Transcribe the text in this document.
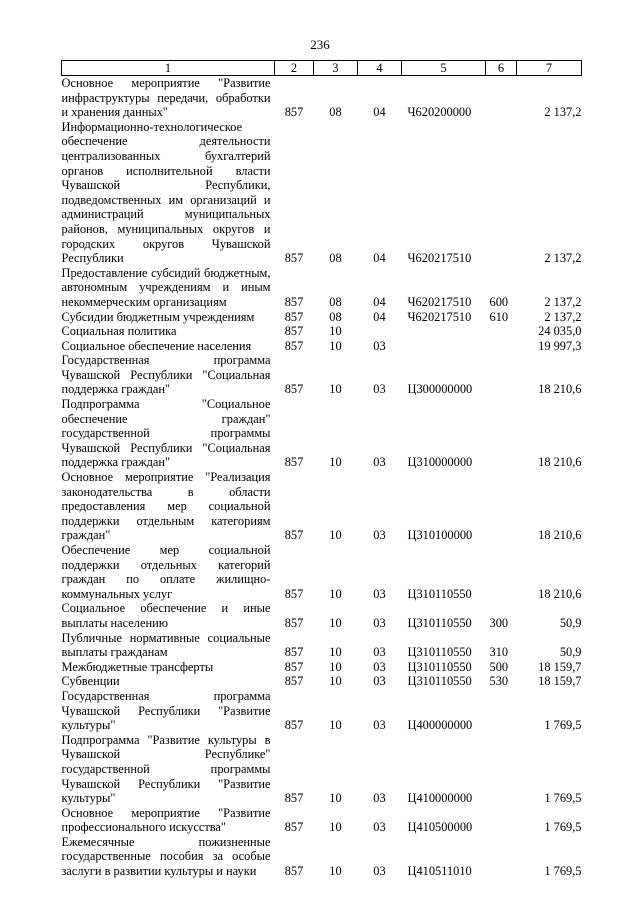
236
1	2	3	4	5	6	7
Основное мероприятие "Развитие инфраструктуры передачи, обработки и хранения данных"	857	08	04	Ч620200000		2 137,2
Информационно-технологическое обеспечение деятельности централизованных бухгалтерий органов исполнительной власти Чувашской Республики, подведомственных им организаций и администраций муниципальных районов, муниципальных округов и городских округов Чувашской Республики	857	08	04	Ч620217510		2 137,2
Предоставление субсидий бюджетным, автономным учреждениям и иным некоммерческим организациям	857	08	04	Ч620217510	600	2 137,2
Субсидии бюджетным учреждениям	857	08	04	Ч620217510	610	2 137,2
Социальная политика	857	10				24 035,0
Социальное обеспечение населения	857	10	03			19 997,3
Государственная программа Чувашской Республики "Социальная поддержка граждан"	857	10	03	Ц300000000		18 210,6
Подпрограмма "Социальное обеспечение граждан" государственной программы Чувашской Республики "Социальная поддержка граждан"	857	10	03	Ц310000000		18 210,6
Основное мероприятие "Реализация законодательства в области предоставления мер социальной поддержки отдельным категориям граждан"	857	10	03	Ц310100000		18 210,6
Обеспечение мер социальной поддержки отдельных категорий граждан по оплате жилищно-коммунальных услуг	857	10	03	Ц310110550		18 210,6
Социальное обеспечение и иные выплаты населению	857	10	03	Ц310110550	300	50,9
Публичные нормативные социальные выплаты гражданам	857	10	03	Ц310110550	310	50,9
Межбюджетные трансферты	857	10	03	Ц310110550	500	18 159,7
Субвенции	857	10	03	Ц310110550	530	18 159,7
Государственная программа Чувашской Республики "Развитие культуры"	857	10	03	Ц400000000		1 769,5
Подпрограмма "Развитие культуры в Чувашской Республике" государственной программы Чувашской Республики "Развитие культуры"	857	10	03	Ц410000000		1 769,5
Основное мероприятие "Развитие профессионального искусства"	857	10	03	Ц410500000		1 769,5
Ежемесячные пожизненные государственные пособия за особые заслуги в развитии культуры и науки	857	10	03	Ц410511010		1 769,5
